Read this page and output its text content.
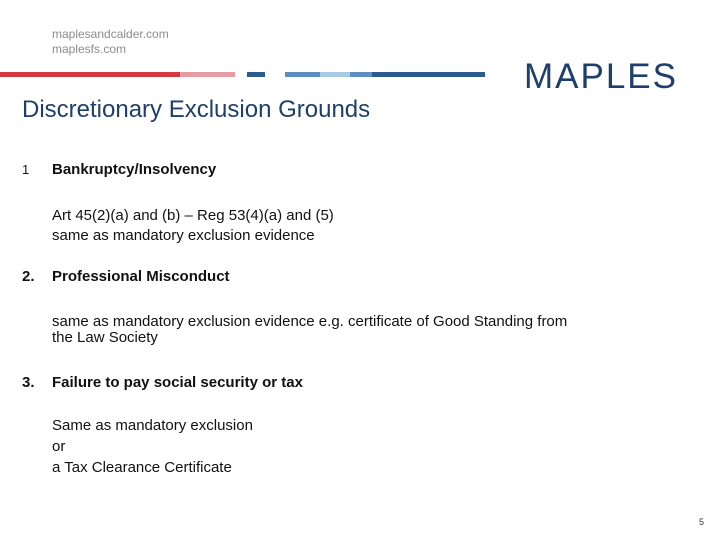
maplesandcalder.com
maplesfs.com
MAPLES
Discretionary Exclusion Grounds
1 Bankruptcy/Insolvency
Art 45(2)(a) and (b) – Reg 53(4)(a) and (5)
same as mandatory exclusion evidence
2. Professional Misconduct
same as mandatory exclusion evidence e.g. certificate of Good Standing from
the Law Society
3. Failure to pay social security or tax
Same as mandatory exclusion
or
a Tax Clearance Certificate
5
